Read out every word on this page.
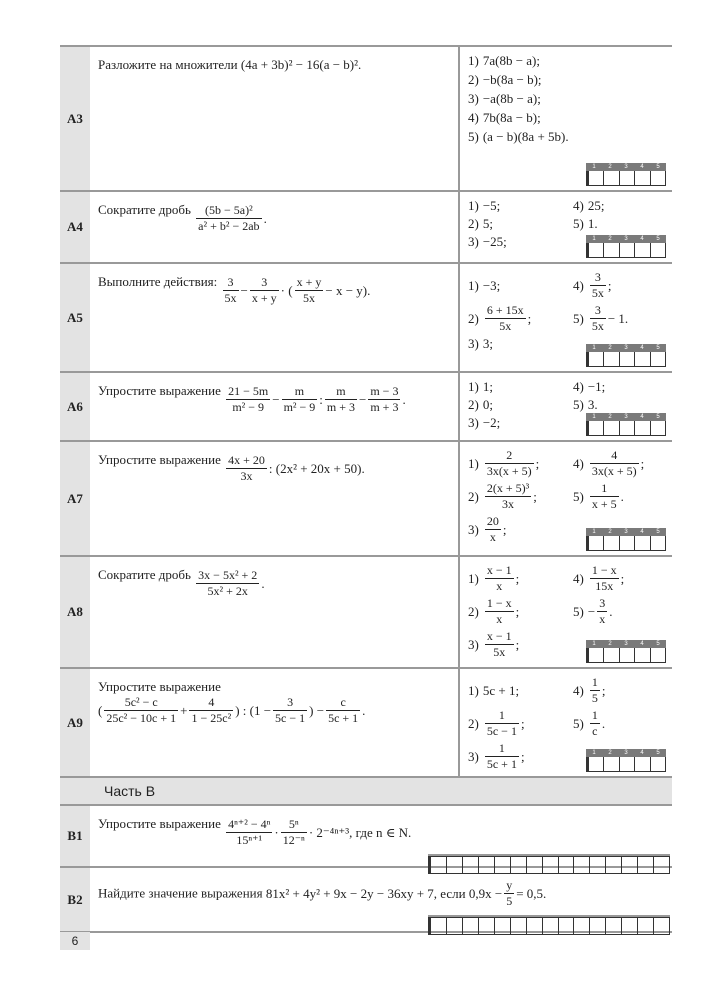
A3
Разложите на множители (4a + 3b)² − 16(a − b)².	1) 7a(8b − a);
2) −b(8a − b);
3) −a(8b − a);
4) 7b(8a − b);
5) (a − b)(8a + 5b).
1	2	3	4	5
A4
Сократите дробь $\frac{\text{(5b − 5a)²}}{\text{a² + b² − 2ab}}$ .
1) −5;	4) 25;
2) 5;	5) 1.
3) −25;	1	2	3	4	5
A5
Выполните действия: $\frac{3}{5x} - \frac{3}{x + y}$ · ( $\frac{x + y}{5x} - x - y$).	1) −3;	$4) \frac{3}{5x}$ ;
$2) \frac{6 + 15x}{5x}$ ;	$5) \frac{3}{5x} - 1$.
3) 3;	1	2	3	4	5
A6
Упростите выражение $\frac{21 - 5m}{\text{m² − 9}} - \frac{m}{\text{m² − 9}}$ : $\frac{m}{m + 3} - \frac{m - 3}{m + 3}$ .
1) 1;	4) −1;
2) 0;	5) 3.
3) −2;	1	2	3	4	5
A7
Упростите выражение $\frac{4x + 20}{3x}$ : (2x² + 20x + 50).	$1) \frac{2}{3x(x + 5)}$ ;	$4) \frac{4}{3x(x + 5)}$ ;
$2) \frac{\text{2(x + 5)³}}{3x}$ ;	$5) \frac{1}{x + 5}$ .
$3) \frac{20}{x}$ ;	1	2	3	4	5
A8
Сократите дробь $\frac{\text{3x − 5x² + 2}}{\text{5x² + 2x}}$ .	$1) \frac{x - 1}{x}$ ;	$4) \frac{1 - x}{15x}$ ;
$2) \frac{1 - x}{x}$ ;	$5) - \frac{3}{x}$ .
$3) \frac{x - 1}{5x}$ ;	1	2	3	4	5
A9
Упростите выражение

( $\frac{\text{5c² − c}}{\text{25c² − 10c + 1}} + \frac{4}{\text{1 − 25c²}}$ ) : ($1 - \frac{3}{5c - 1}$ ) − $\frac{c}{5c + 1}$ .
1) 5c + 1;	$4) \frac{1}{5}$ ;
$2) \frac{1}{5c - 1}$ ;	$5) \frac{1}{c}$ .
$3) \frac{1}{5c + 1}$ ;	1	2	3	4	5
Часть B
B1
Упростите выражение $\frac{\text{4ⁿ⁺² − 4ⁿ}}{\text{15ⁿ⁺¹}} \cdot \frac{\text{5ⁿ}}{\text{12⁻ⁿ}} \cdot 2^{-4n+3}$, где n ∈ N.
B2	Найдите значение выражения 81x² + 4y² + 9x − 2y − 36xy + 7, если $0,9x - \frac{y}{5} = 0,5$.
6
